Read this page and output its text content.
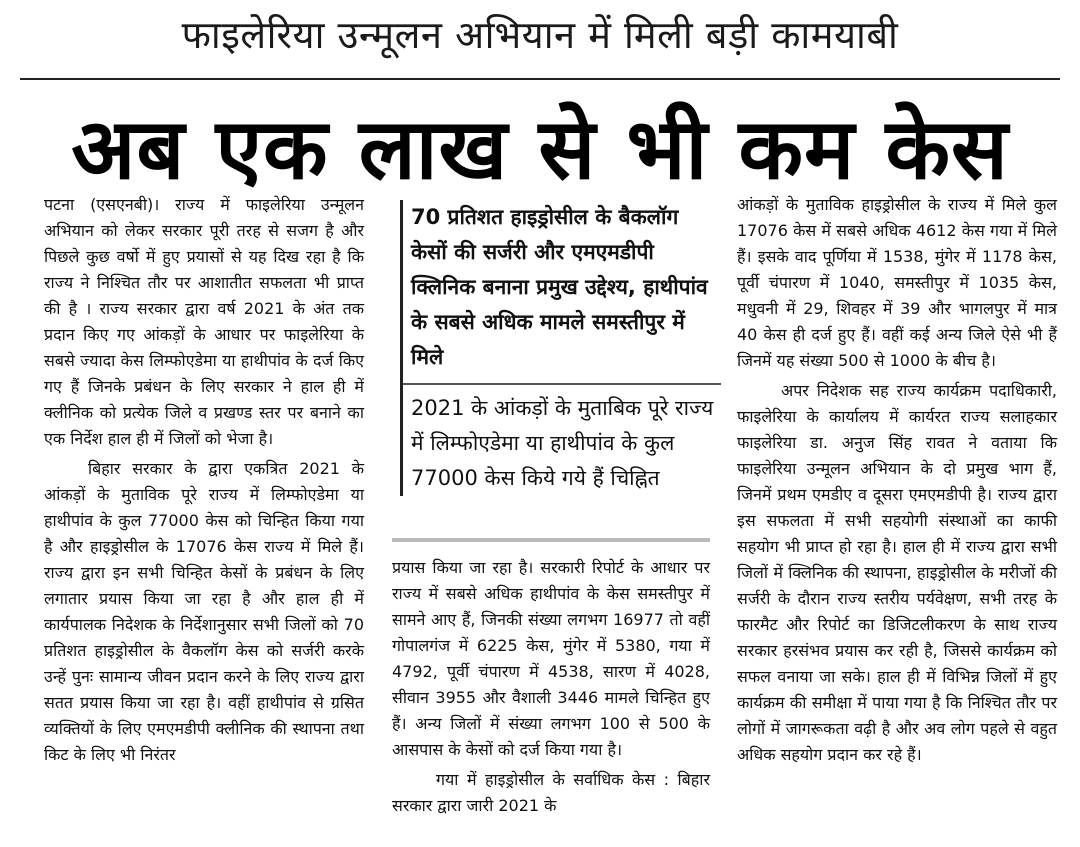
फाइलेरिया उन्मूलन अभियान में मिली बड़ी कामयाबी
अब एक लाख से भी कम केस

पटना (एसएनबी)। राज्य में फाइलेरिया उन्मूलन अभियान को लेकर सरकार पूरी तरह से सजग है और पिछले कुछ वर्षो में हुए प्रयासों से यह दिख रहा है कि राज्य ने निश्चित तौर पर आशातीत सफलता भी प्राप्त की है । राज्य सरकार द्वारा वर्ष 2021 के अंत तक प्रदान किए गए आंकड़ों के आधार पर फाइलेरिया के सबसे ज्यादा केस लिम्फोएडेमा या हाथीपांव के दर्ज किए गए हैं जिनके प्रबंधन के लिए सरकार ने हाल ही में क्लीनिक को प्रत्येक जिले व प्रखण्ड स्तर पर बनाने का एक निर्देश हाल ही में जिलों को भेजा है।

बिहार सरकार के द्वारा एकत्रित 2021 के आंकड़ों के मुताविक पूरे राज्य में लिम्फोएडेमा या हाथीपांव के कुल 77000 केस को चिन्हित किया गया है और हाइड्रोसील के 17076 केस राज्य में मिले हैं। राज्य द्वारा इन सभी चिन्हित केसों के प्रबंधन के लिए लगातार प्रयास किया जा रहा है और हाल ही में कार्यपालक निदेशक के निर्देशानुसार सभी जिलों को 70 प्रतिशत हाइड्रोसील के वैकलॉग केस को सर्जरी करके उन्हें पुनः सामान्य जीवन प्रदान करने के लिए राज्य द्वारा सतत प्रयास किया जा रहा है। वहीं हाथीपांव से ग्रसित व्यक्तियों के लिए एमएमडीपी क्लीनिक की स्थापना तथा किट के लिए भी निरंतर

70 प्रतिशत हाइड्रोसील के बैकलॉग केसों की सर्जरी और एमएमडीपी क्लिनिक बनाना प्रमुख उद्देश्य, हाथीपांव के सबसे अधिक मामले समस्तीपुर में मिले
2021 के आंकड़ों के मुताबिक पूरे राज्य में लिम्फोएडेमा या हाथीपांव के कुल 77000 केस किये गये हैं चिह्नित

प्रयास किया जा रहा है। सरकारी रिपोर्ट के आधार पर राज्य में सबसे अधिक हाथीपांव के केस समस्तीपुर में सामने आए हैं, जिनकी संख्या लगभग 16977 तो वहीं गोपालगंज में 6225 केस, मुंगेर में 5380, गया में 4792, पूर्वी चंपारण में 4538, सारण में 4028, सीवान 3955 और वैशाली 3446 मामले चिन्हित हुए हैं। अन्य जिलों में संख्या लगभग 100 से 500 के आसपास के केसों को दर्ज किया गया है।

गया में हाइड्रोसील के सर्वाधिक केस : बिहार सरकार द्वारा जारी 2021 के

आंकड़ों के मुताविक हाइड्रोसील के राज्य में मिले कुल 17076 केस में सबसे अधिक 4612 केस गया में मिले हैं। इसके वाद पूर्णिया में 1538, मुंगेर में 1178 केस, पूर्वी चंपारण में 1040, समस्तीपुर में 1035 केस, मधुवनी में 29, शिवहर में 39 और भागलपुर में मात्र 40 केस ही दर्ज हुए हैं। वहीं कई अन्य जिले ऐसे भी हैं जिनमें यह संख्या 500 से 1000 के बीच है।

अपर निदेशक सह राज्य कार्यक्रम पदाधिकारी, फाइलेरिया के कार्यालय में कार्यरत राज्य सलाहकार फाइलेरिया डा. अनुज सिंह रावत ने वताया कि फाइलेरिया उन्मूलन अभियान के दो प्रमुख भाग हैं, जिनमें प्रथम एमडीए व दूसरा एमएमडीपी है। राज्य द्वारा इस सफलता में सभी सहयोगी संस्थाओं का काफी सहयोग भी प्राप्त हो रहा है। हाल ही में राज्य द्वारा सभी जिलों में क्लिनिक की स्थापना, हाइड्रोसील के मरीजों की सर्जरी के दौरान राज्य स्तरीय पर्यवेक्षण, सभी तरह के फारमैट और रिपोर्ट का डिजिटलीकरण के साथ राज्य सरकार हरसंभव प्रयास कर रही है, जिससे कार्यक्रम को सफल वनाया जा सके। हाल ही में विभिन्न जिलों में हुए कार्यक्रम की समीक्षा में पाया गया है कि निश्चित तौर पर लोगों में जागरूकता वढ़ी है और अव लोग पहले से वहुत अधिक सहयोग प्रदान कर रहे हैं।
